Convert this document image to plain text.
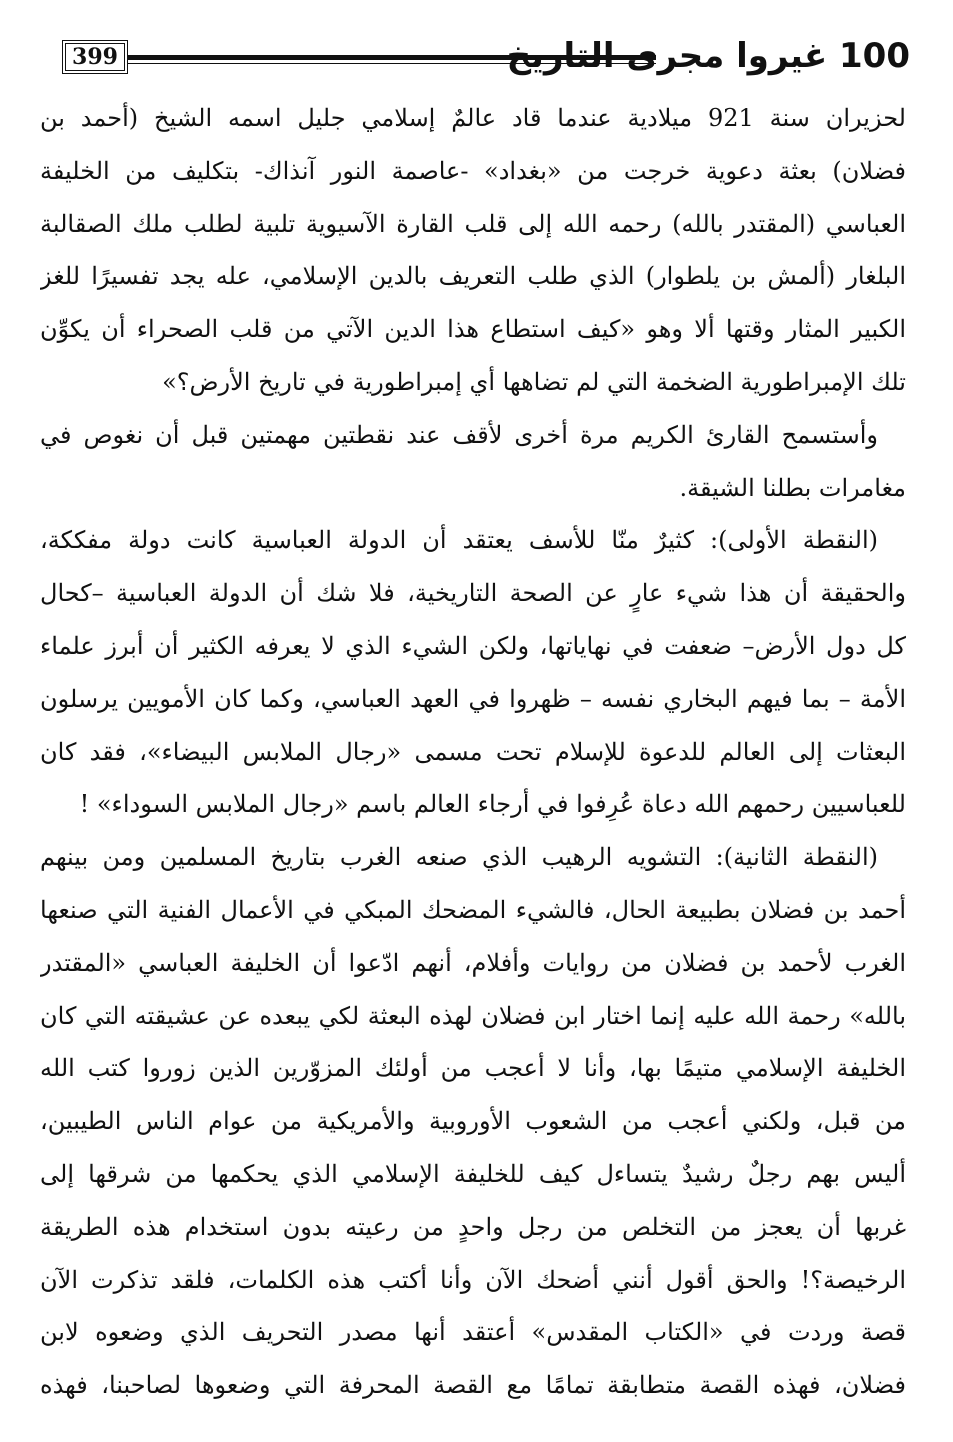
399	100 غيروا مجرى التاريخ
لحزيران سنة 921 ميلادية عندما قاد عالمٌ إسلامي جليل اسمه الشيخ (أحمد بن
فضلان) بعثة دعوية خرجت من «بغداد» -عاصمة النور آنذاك- بتكليف من الخليفة
العباسي (المقتدر بالله) رحمه الله إلى قلب القارة الآسيوية تلبية لطلب ملك الصقالبة
البلغار (ألمش بن يلطوار) الذي طلب التعريف بالدين الإسلامي، عله يجد تفسيرًا للغز
الكبير المثار وقتها ألا وهو «كيف استطاع هذا الدين الآتي من قلب الصحراء أن يكوِّن
تلك الإمبراطورية الضخمة التي لم تضاهها أي إمبراطورية في تاريخ الأرض؟»
وأستسمح القارئ الكريم مرة أخرى لأقف عند نقطتين مهمتين قبل أن نغوص في
مغامرات بطلنا الشيقة.
(النقطة الأولى): كثيرٌ منّا للأسف يعتقد أن الدولة العباسية كانت دولة مفككة،
والحقيقة أن هذا شيء عارٍ عن الصحة التاريخية، فلا شك أن الدولة العباسية –كحال
كل دول الأرض– ضعفت في نهاياتها، ولكن الشيء الذي لا يعرفه الكثير أن أبرز علماء
الأمة – بما فيهم البخاري نفسه – ظهروا في العهد العباسي، وكما كان الأمويين يرسلون
البعثات إلى العالم للدعوة للإسلام تحت مسمى «رجال الملابس البيضاء»، فقد كان
للعباسيين رحمهم الله دعاة عُرِفوا في أرجاء العالم باسم «رجال الملابس السوداء» !
(النقطة الثانية): التشويه الرهيب الذي صنعه الغرب بتاريخ المسلمين ومن بينهم
أحمد بن فضلان بطبيعة الحال، فالشيء المضحك المبكي في الأعمال الفنية التي صنعها
الغرب لأحمد بن فضلان من روايات وأفلام، أنهم ادّعوا أن الخليفة العباسي «المقتدر
بالله» رحمة الله عليه إنما اختار ابن فضلان لهذه البعثة لكي يبعده عن عشيقته التي كان
الخليفة الإسلامي متيمًا بها، وأنا لا أعجب من أولئك المزوّرين الذين زوروا كتب الله
من قبل، ولكني أعجب من الشعوب الأوروبية والأمريكية من عوام الناس الطيبين،
أليس بهم رجلٌ رشيدٌ يتساءل كيف للخليفة الإسلامي الذي يحكمها من شرقها إلى
غربها أن يعجز من التخلص من رجل واحدٍ من رعيته بدون استخدام هذه الطريقة
الرخيصة؟! والحق أقول أنني أضحك الآن وأنا أكتب هذه الكلمات، فلقد تذكرت الآن
قصة وردت في «الكتاب المقدس» أعتقد أنها مصدر التحريف الذي وضعوه لابن
فضلان، فهذه القصة متطابقة تمامًا مع القصة المحرفة التي وضعوها لصاحبنا، فهذه
